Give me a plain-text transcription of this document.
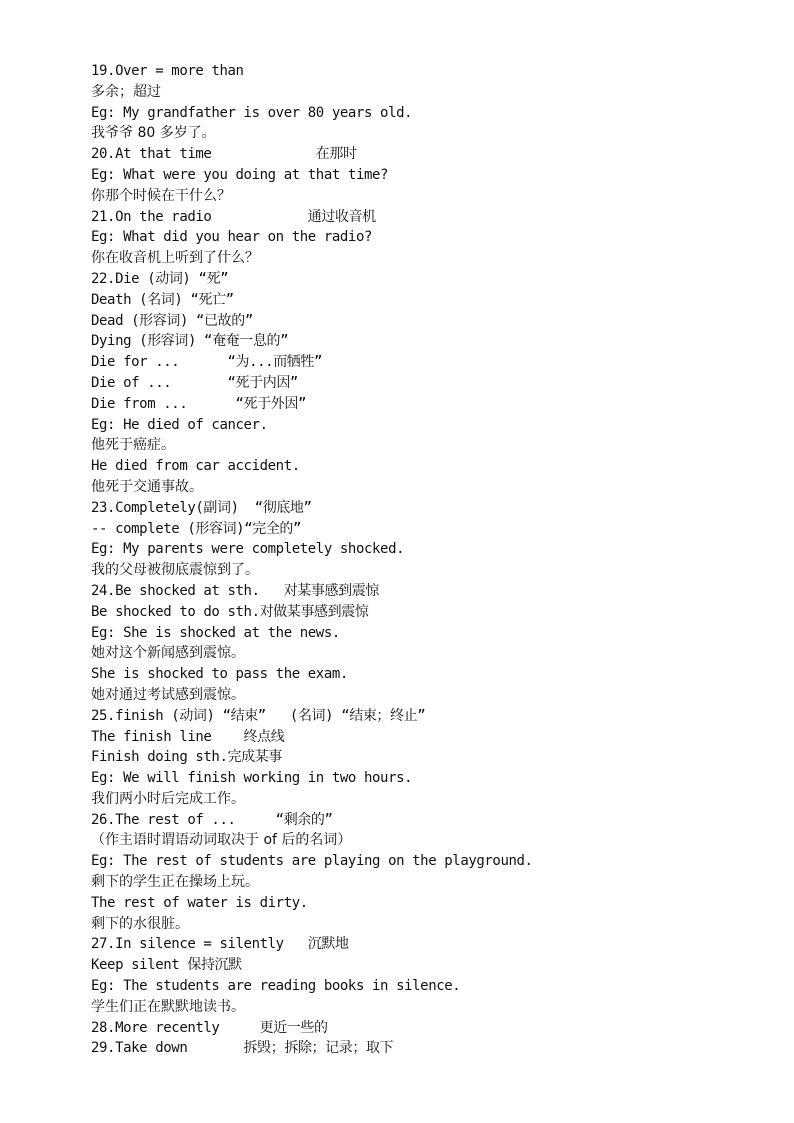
19.Over = more than
多余；超过
Eg: My grandfather is over 80 years old.
我爷爷 80 多岁了。
20.At that time             在那时
Eg: What were you doing at that time?
你那个时候在干什么？
21.On the radio            通过收音机
Eg: What did you hear on the radio?
你在收音机上听到了什么？
22.Die (动词) “死”
Death (名词) “死亡”
Dead (形容词) “已故的”
Dying (形容词) “奄奄一息的”
Die for ...      “为...而牺牲”
Die of ...       “死于内因”
Die from ...      “死于外因”
Eg: He died of cancer.
他死于癌症。
He died from car accident.
他死于交通事故。
23.Completely(副词)  “彻底地”
-- complete (形容词)“完全的”
Eg: My parents were completely shocked.
我的父母被彻底震惊到了。
24.Be shocked at sth.   对某事感到震惊
Be shocked to do sth.对做某事感到震惊
Eg: She is shocked at the news.
她对这个新闻感到震惊。
She is shocked to pass the exam.
她对通过考试感到震惊。
25.finish (动词) “结束”   (名词) “结束；终止”
The finish line    终点线
Finish doing sth.完成某事
Eg: We will finish working in two hours.
我们两小时后完成工作。
26.The rest of ...     “剩余的”
（作主语时谓语动词取决于 of 后的名词）
Eg: The rest of students are playing on the playground.
剩下的学生正在操场上玩。
The rest of water is dirty.
剩下的水很脏。
27.In silence = silently   沉默地
Keep silent 保持沉默
Eg: The students are reading books in silence.
学生们正在默默地读书。
28.More recently     更近一些的
29.Take down       拆毁；拆除；记录；取下
